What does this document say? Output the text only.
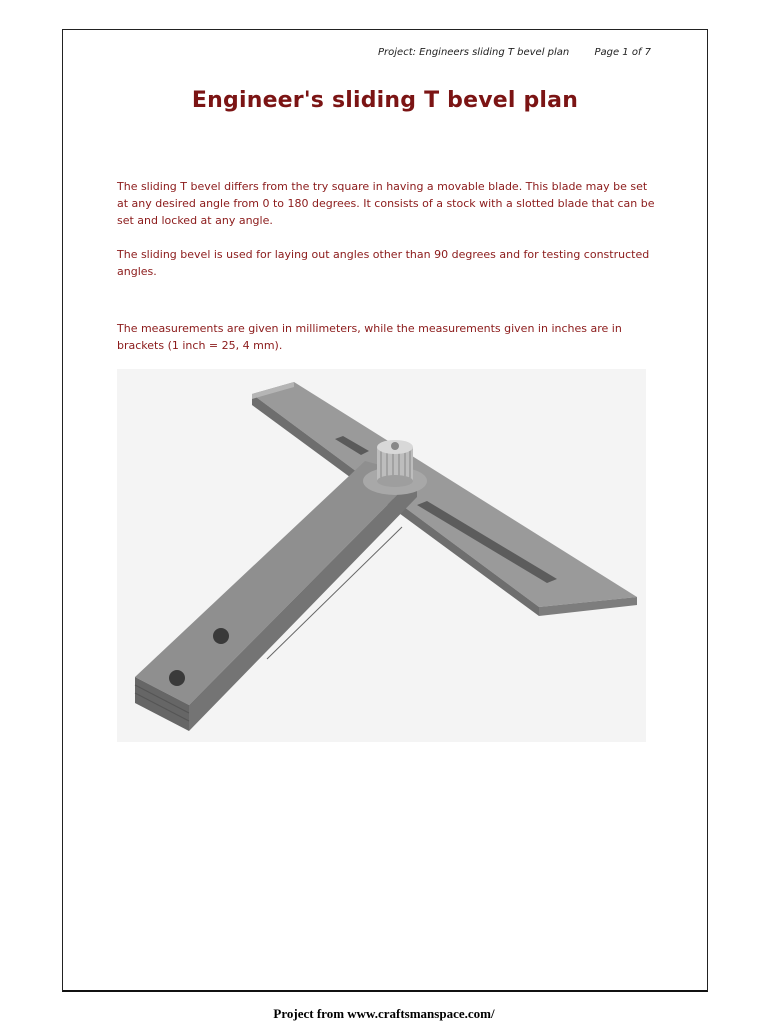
Project: Engineers sliding T bevel plan	Page 1 of 7
Engineer's sliding T bevel plan
The sliding T bevel differs from the try square in having a movable blade. This blade may be set at any desired angle from 0 to 180 degrees. It consists of a stock with a slotted blade that can be set and locked at any angle.
The sliding bevel is used for laying out angles other than 90 degrees and for testing constructed angles.
The measurements are given in millimeters, while the measurements given in inches are in brackets (1 inch = 25, 4 mm).
Project from www.craftsmanspace.com/
